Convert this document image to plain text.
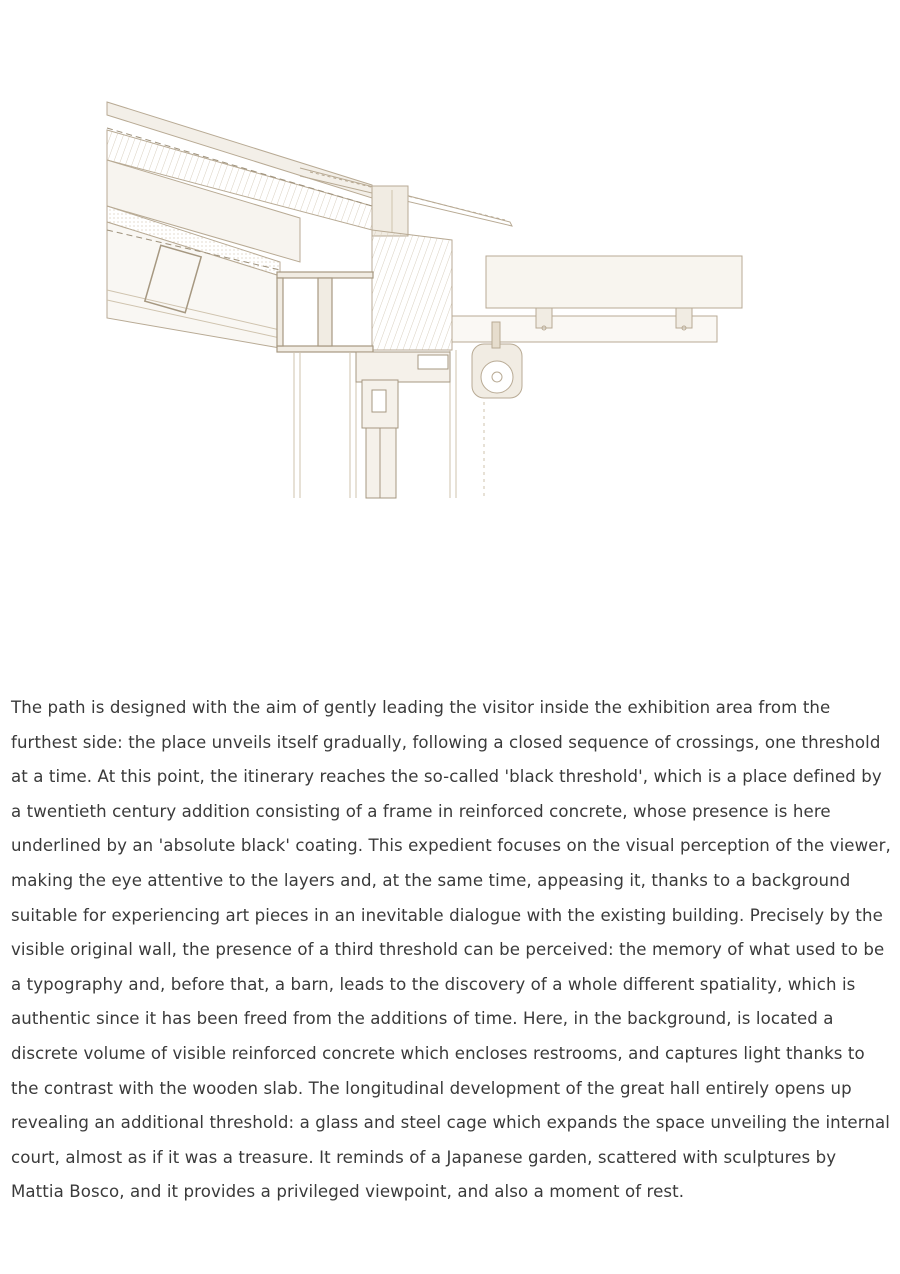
The path is designed with the aim of gently leading the visitor inside the exhibition area from the furthest side: the place unveils itself gradually, following a closed sequence of crossings, one threshold at a time. At this point, the itinerary reaches the so-called 'black threshold', which is a place defined by a twentieth century addition consisting of a frame in reinforced concrete, whose presence is here underlined by an 'absolute black' coating. This expedient focuses on the visual perception of the viewer, making the eye attentive to the layers and, at the same time, appeasing it, thanks to a background suitable for experiencing art pieces in an inevitable dialogue with the existing building. Precisely by the visible original wall, the presence of a third threshold can be perceived: the memory of what used to be a typography and, before that, a barn, leads to the discovery of a whole different spatiality, which is authentic since it has been freed from the additions of time. Here, in the background, is located a discrete volume of visible reinforced concrete which encloses restrooms, and captures light thanks to the contrast with the wooden slab. The longitudinal development of the great hall entirely opens up revealing an additional threshold: a glass and steel cage which expands the space unveiling the internal court, almost as if it was a treasure. It reminds of a Japanese garden, scattered with sculptures by Mattia Bosco, and it provides a privileged viewpoint, and also a moment of rest.
